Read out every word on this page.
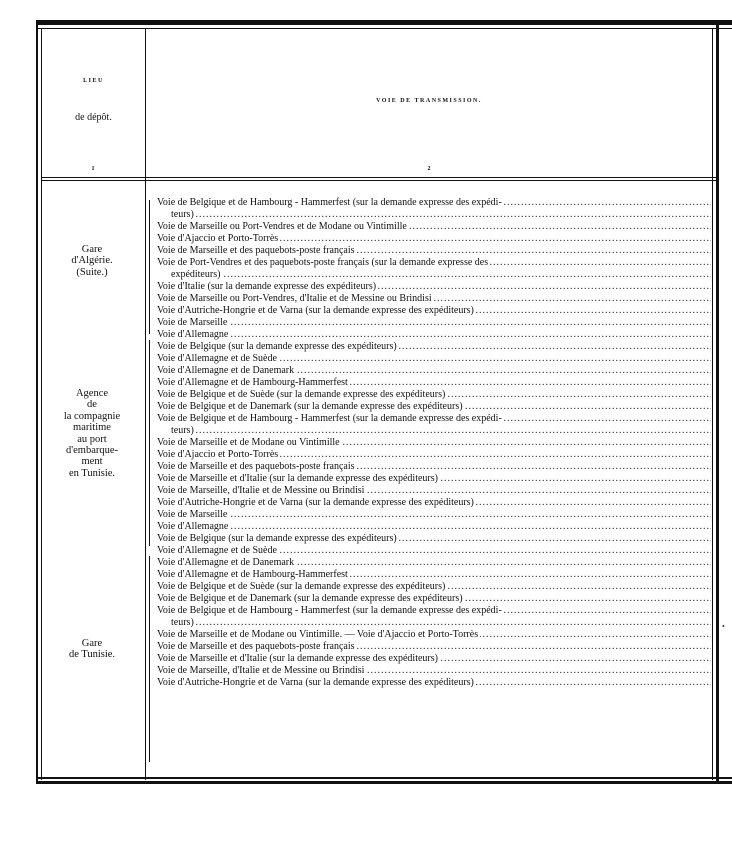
LIEU
de dépôt.
1
VOIE DE TRANSMISSION.
2
Gare
d'Algérie.
(Suite.)
Agence
de
la compagnie
maritime
au port
d'embarque-
ment
en Tunisie.
Gare
de Tunisie.
Voie de Belgique et de Hambourg - Hammerfest (sur la demande expresse des expédi- .....
teurs) .....
Voie de Marseille ou Port-Vendres et de Modane ou Vintimille .....
Voie d'Ajaccio et Porto-Torrès .....
Voie de Marseille et des paquebots-poste français .....
Voie de Port-Vendres et des paquebots-poste français (sur la demande expresse des .....
expéditeurs) .....
Voie d'Italie (sur la demande expresse des expéditeurs) .....
Voie de Marseille ou Port-Vendres, d'Italie et de Messine ou Brindisi .....
Voie d'Autriche-Hongrie et de Varna (sur la demande expresse des expéditeurs) .....
Voie de Marseille .....
Voie d'Allemagne .....
Voie de Belgique (sur la demande expresse des expéditeurs) .....
Voie d'Allemagne et de Suède .....
Voie d'Allemagne et de Danemark .....
Voie d'Allemagne et de Hambourg-Hammerfest .....
Voie de Belgique et de Suède (sur la demande expresse des expéditeurs) .....
Voie de Belgique et de Danemark (sur la demande expresse des expéditeurs) .....
Voie de Belgique et de Hambourg - Hammerfest (sur la demande expresse des expédi- .....
teurs) .....
Voie de Marseille et de Modane ou Vintimille .....
Voie d'Ajaccio et Porto-Torrès .....
Voie de Marseille et des paquebots-poste français .....
Voie de Marseille et d'Italie (sur la demande expresse des expéditeurs) .....
Voie de Marseille, d'Italie et de Messine ou Brindisi .....
Voie d'Autriche-Hongrie et de Varna (sur la demande expresse des expéditeurs) .....
Voie de Marseille .....
Voie d'Allemagne .....
Voie de Belgique (sur la demande expresse des expéditeurs) .....
Voie d'Allemagne et de Suède .....
Voie d'Allemagne et de Danemark .....
Voie d'Allemagne et de Hambourg-Hammerfest .....
Voie de Belgique et de Suède (sur la demande expresse des expéditeurs) .....
Voie de Belgique et de Danemark (sur la demande expresse des expéditeurs) .....
Voie de Belgique et de Hambourg - Hammerfest (sur la demande expresse des expédi- .....
teurs) .....
Voie de Marseille et de Modane ou Vintimille. — Voie d'Ajaccio et Porto-Torrès .....
Voie de Marseille et des paquebots-poste français .....
Voie de Marseille et d'Italie (sur la demande expresse des expéditeurs) .....
Voie de Marseille, d'Italie et de Messine ou Brindisi .....
Voie d'Autriche-Hongrie et de Varna (sur la demande expresse des expéditeurs) .....
•
